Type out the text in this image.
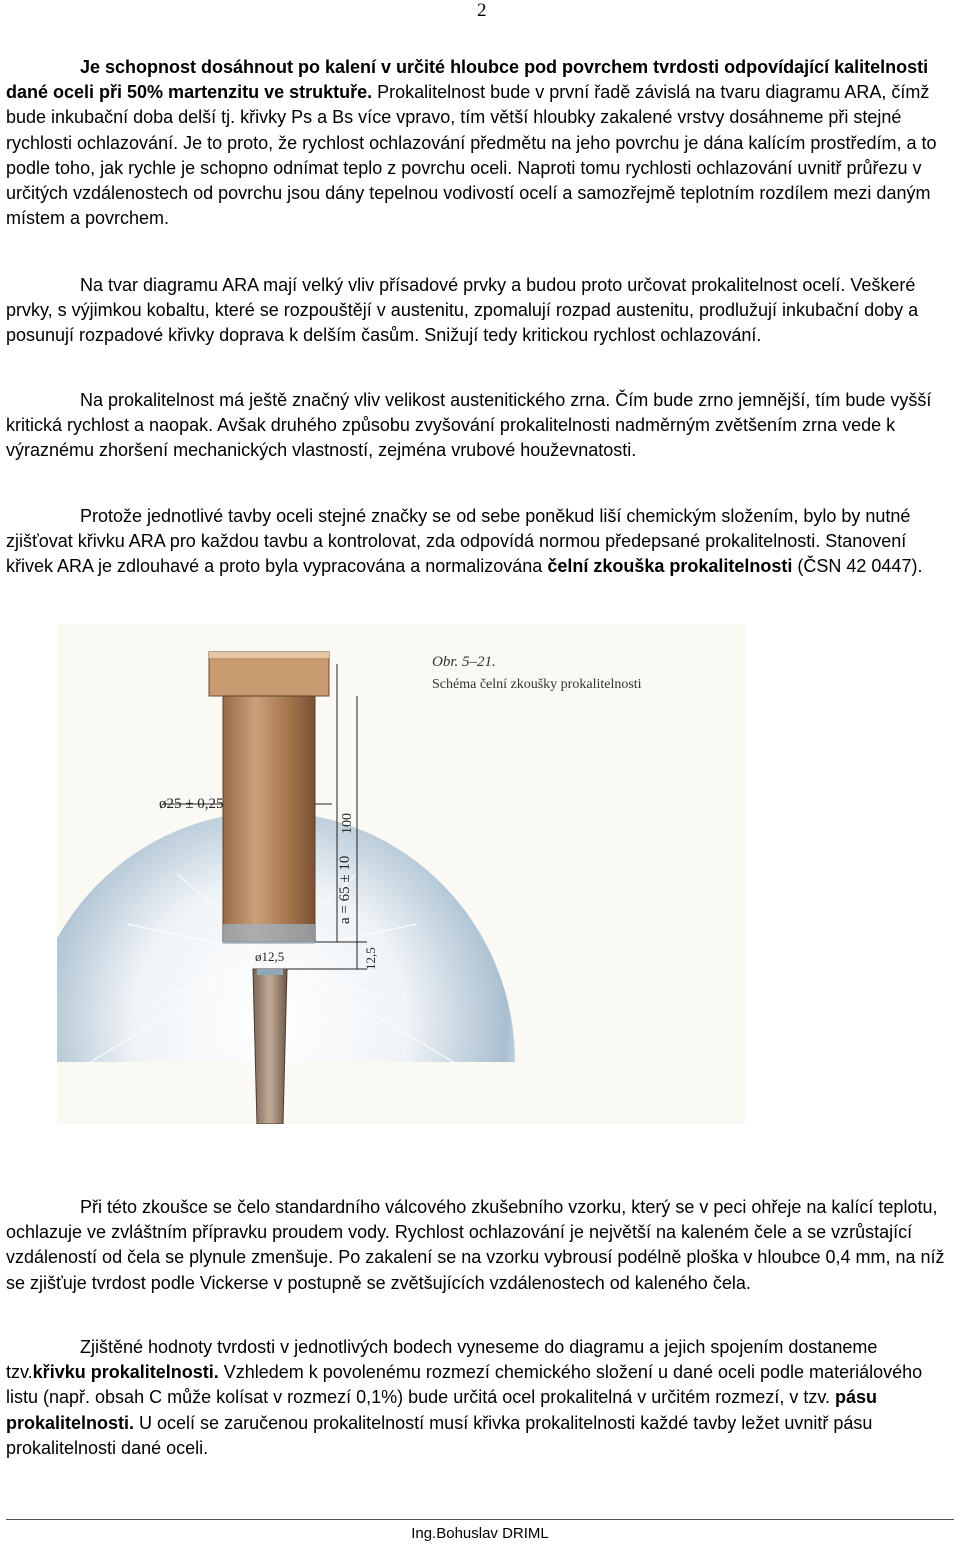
2

Je schopnost dosáhnout po kalení v určité hloubce pod povrchem tvrdosti odpovídající kalitelnosti dané oceli při 50% martenzitu ve struktuře. Prokalitelnost bude v první řadě závislá na tvaru diagramu ARA, čímž bude inkubační doba delší tj. křivky Ps a Bs více vpravo, tím větší hloubky zakalené vrstvy dosáhneme při stejné rychlosti ochlazování. Je to proto, že rychlost ochlazování předmětu na jeho povrchu je dána kalícím prostředím, a to podle toho, jak rychle je schopno odnímat teplo z povrchu oceli. Naproti tomu rychlosti ochlazování uvnitř průřezu v určitých vzdálenostech od povrchu jsou dány tepelnou vodivostí ocelí a samozřejmě teplotním rozdílem mezi daným místem a povrchem.

Na tvar diagramu ARA mají velký vliv přísadové prvky a budou proto určovat prokalitelnost ocelí. Veškeré prvky, s výjimkou kobaltu, které se rozpouštějí v austenitu, zpomalují rozpad austenitu, prodlužují inkubační doby a posunují rozpadové křivky doprava k delším časům. Snižují tedy kritickou rychlost ochlazování.

Na prokalitelnost má ještě značný vliv velikost austenitického zrna. Čím bude zrno jemnější, tím bude vyšší kritická rychlost a naopak. Avšak druhého způsobu zvyšování prokalitelnosti nadměrným zvětšením zrna vede k výraznému zhoršení mechanických vlastností, zejména vrubové houževnatosti.

Protože jednotlivé tavby oceli stejné značky se od sebe poněkud liší chemickým složením, bylo by nutné zjišťovat křivku ARA pro každou tavbu a kontrolovat, zda odpovídá normou předepsané prokalitelnosti. Stanovení křivek ARA je zdlouhavé a proto byla vypracována a normalizována čelní zkouška prokalitelnosti (ČSN 42 0447).

ø25 ± 0,25
100
a = 65 ± 10
ø12,5	12,5
Obr. 5–21.
Schéma čelní zkoušky prokalitelnosti

Při této zkoušce se čelo standardního válcového zkušebního vzorku, který se v peci ohřeje na kalící teplotu, ochlazuje ve zvláštním přípravku proudem vody. Rychlost ochlazování je největší na kaleném čele a se vzrůstající vzdáleností od čela se plynule zmenšuje. Po zakalení se na vzorku vybrousí podélně ploška v hloubce 0,4 mm, na níž se zjišťuje tvrdost podle Vickerse v postupně se zvětšujících vzdálenostech od kaleného čela.

Zjištěné hodnoty tvrdosti v jednotlivých bodech vyneseme do diagramu a jejich spojením dostaneme tzv.křivku prokalitelnosti. Vzhledem k povolenému rozmezí chemického složení u dané oceli podle materiálového listu (např. obsah C může kolísat v rozmezí 0,1%) bude určitá ocel prokalitelná v určitém rozmezí, v tzv. pásu prokalitelnosti. U ocelí se zaručenou prokalitelností musí křivka prokalitelnosti každé tavby ležet uvnitř pásu prokalitelnosti dané oceli.

Ing.Bohuslav DRIML
